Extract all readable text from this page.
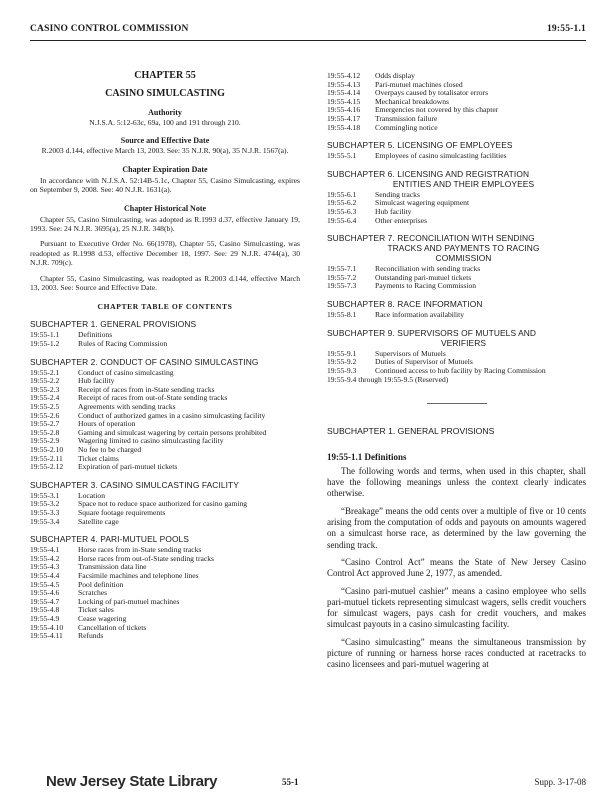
CASINO CONTROL COMMISSION	19:55-1.1
CHAPTER 55
CASINO SIMULCASTING
Authority
N.J.S.A. 5:12-63c, 69a, 100 and 191 through 210.
Source and Effective Date
R.2003 d.144, effective March 13, 2003. See: 35 N.J.R. 90(a), 35 N.J.R. 1567(a).
Chapter Expiration Date
In accordance with N.J.S.A. 52:14B-5.1c, Chapter 55, Casino Simulcasting, expires on September 9, 2008. See: 40 N.J.R. 1631(a).
Chapter Historical Note
Chapter 55, Casino Simulcasting, was adopted as R.1993 d.37, effective January 19, 1993. See: 24 N.J.R. 3695(a), 25 N.J.R. 348(b).
Pursuant to Executive Order No. 66(1978), Chapter 55, Casino Simulcasting, was readopted as R.1998 d.53, effective December 18, 1997. See: 29 N.J.R. 4744(a), 30 N.J.R. 709(c).
Chapter 55, Casino Simulcasting, was readopted as R.2003 d.144, effective March 13, 2003. See: Source and Effective Date.
CHAPTER TABLE OF CONTENTS
SUBCHAPTER 1. GENERAL PROVISIONS
19:55-1.1	Definitions
19:55-1.2	Rules of Racing Commission
SUBCHAPTER 2. CONDUCT OF CASINO SIMULCASTING
19:55-2.1	Conduct of casino simulcasting
19:55-2.2	Hub facility
19:55-2.3	Receipt of races from in-State sending tracks
19:55-2.4	Receipt of races from out-of-State sending tracks
19:55-2.5	Agreements with sending tracks
19:55-2.6	Conduct of authorized games in a casino simulcasting facility
19:55-2.7	Hours of operation
19:55-2.8	Gaming and simulcast wagering by certain persons prohibited
19:55-2.9	Wagering limited to casino simulcasting facility
19:55-2.10	No fee to be charged
19:55-2.11	Ticket claims
19:55-2.12	Expiration of pari-mutuel tickets
SUBCHAPTER 3. CASINO SIMULCASTING FACILITY
19:55-3.1	Location
19:55-3.2	Space not to reduce space authorized for casino gaming
19:55-3.3	Square footage requirements
19:55-3.4	Satellite cage
SUBCHAPTER 4. PARI-MUTUEL POOLS
19:55-4.1	Horse races from in-State sending tracks
19:55-4.2	Horse races from out-of-State sending tracks
19:55-4.3	Transmission data line
19:55-4.4	Facsimile machines and telephone lines
19:55-4.5	Pool definition
19:55-4.6	Scratches
19:55-4.7	Locking of pari-mutuel machines
19:55-4.8	Ticket sales
19:55-4.9	Cease wagering
19:55-4.10	Cancellation of tickets
19:55-4.11	Refunds
19:55-4.12	Odds display
19:55-4.13	Pari-mutuel machines closed
19:55-4.14	Overpays caused by totalisator errors
19:55-4.15	Mechanical breakdowns
19:55-4.16	Emergencies not covered by this chapter
19:55-4.17	Transmission failure
19:55-4.18	Commingling notice
SUBCHAPTER 5. LICENSING OF EMPLOYEES
19:55-5.1	Employees of casino simulcasting facilities
SUBCHAPTER 6. LICENSING AND REGISTRATION
ENTITIES AND THEIR EMPLOYEES
19:55-6.1	Sending tracks
19:55-6.2	Simulcast wagering equipment
19:55-6.3	Hub facility
19:55-6.4	Other enterprises
SUBCHAPTER 7. RECONCILIATION WITH SENDING
TRACKS AND PAYMENTS TO RACING
COMMISSION
19:55-7.1	Reconciliation with sending tracks
19:55-7.2	Outstanding pari-mutuel tickets
19:55-7.3	Payments to Racing Commission
SUBCHAPTER 8. RACE INFORMATION
19:55-8.1	Race information availability
SUBCHAPTER 9. SUPERVISORS OF MUTUELS AND
VERIFIERS
19:55-9.1	Supervisors of Mutuels
19:55-9.2	Duties of Supervisor of Mutuels
19:55-9.3	Continued access to hub facility by Racing Commission
19:55-9.4 through 19:55-9.5 (Reserved)
SUBCHAPTER 1. GENERAL PROVISIONS
19:55-1.1 Definitions
The following words and terms, when used in this chapter, shall have the following meanings unless the context clearly indicates otherwise.
“Breakage” means the odd cents over a multiple of five or 10 cents arising from the computation of odds and payouts on amounts wagered on a simulcast horse race, as determined by the law governing the sending track.
“Casino Control Act” means the State of New Jersey Casino Control Act approved June 2, 1977, as amended.
“Casino pari-mutuel cashier” means a casino employee who sells pari-mutuel tickets representing simulcast wagers, sells credit vouchers for simulcast wagers, pays cash for credit vouchers, and makes simulcast payouts in a casino simulcasting facility.
“Casino simulcasting” means the simultaneous transmission by picture of running or harness horse races conducted at racetracks to casino licensees and pari-mutuel wagering at
New Jersey State Library	55-1	Supp. 3-17-08
